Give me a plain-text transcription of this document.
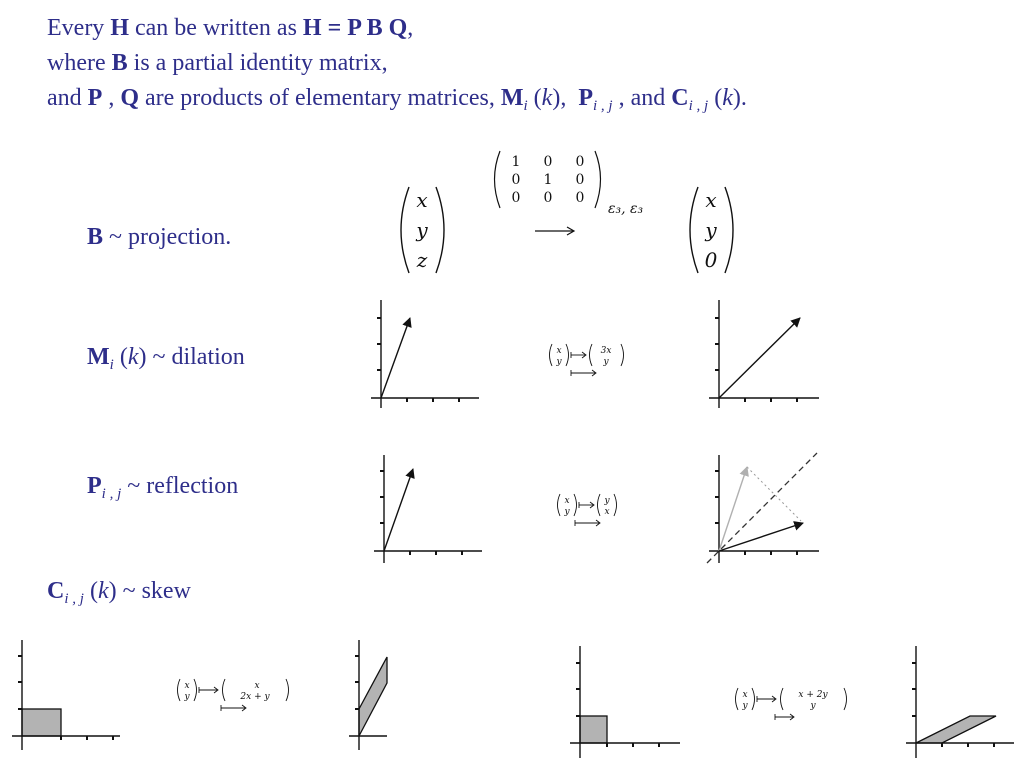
Every H can be written as H = P B Q,
where B is a partial identity matrix,
and P , Q are products of elementary matrices, $M_i$ (k), $P_{i , j}$ , and $C_{i , j}$ (k).
B ~ projection.
$M_i$ (k) ~ dilation
$P_{i , j}$ ~ reflection
$C_{i , j}$ (k) ~ skew
x
y
z
1 0 0
0 1 0
0 0 0
ε₃, ε₃	x
y
0
x
y
3x
y
x
y
y
x
x
y
x
2x + y	x
y
x + 2y
y
